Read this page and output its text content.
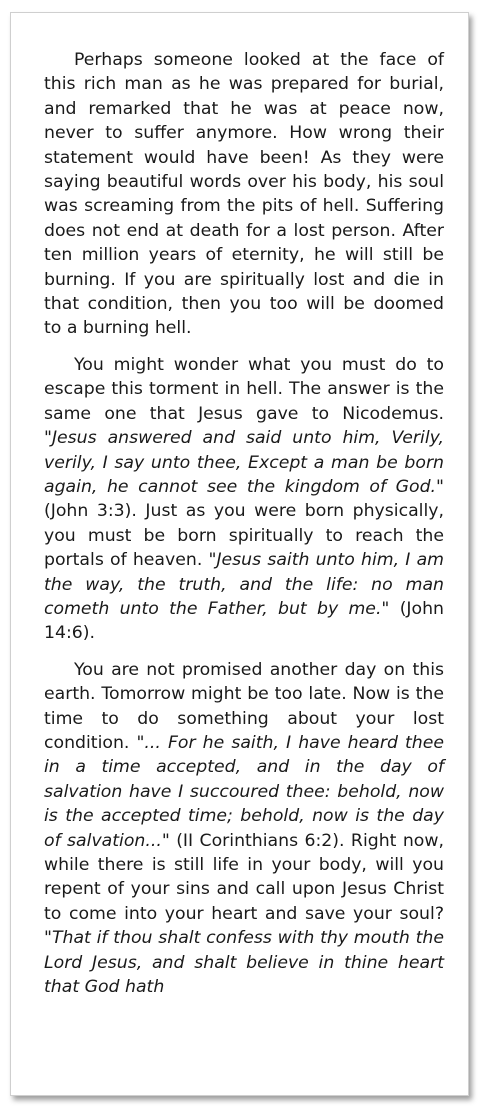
Perhaps someone looked at the face of this rich man as he was prepared for burial, and remarked that he was at peace now, never to suffer anymore. How wrong their statement would have been! As they were saying beautiful words over his body, his soul was screaming from the pits of hell. Suffering does not end at death for a lost person. After ten million years of eternity, he will still be burning. If you are spiritually lost and die in that condition, then you too will be doomed to a burning hell.

You might wonder what you must do to escape this torment in hell. The answer is the same one that Jesus gave to Nicodemus. "Jesus answered and said unto him, Verily, verily, I say unto thee, Except a man be born again, he cannot see the kingdom of God." (John 3:3). Just as you were born physically, you must be born spiritually to reach the portals of heaven. "Jesus saith unto him, I am the way, the truth, and the life: no man cometh unto the Father, but by me." (John 14:6).

You are not promised another day on this earth. Tomorrow might be too late. Now is the time to do something about your lost condition. "... For he saith, I have heard thee in a time accepted, and in the day of salvation have I succoured thee: behold, now is the accepted time; behold, now is the day of salvation..." (II Corinthians 6:2). Right now, while there is still life in your body, will you repent of your sins and call upon Jesus Christ to come into your heart and save your soul? "That if thou shalt confess with thy mouth the Lord Jesus, and shalt believe in thine heart that God hath
